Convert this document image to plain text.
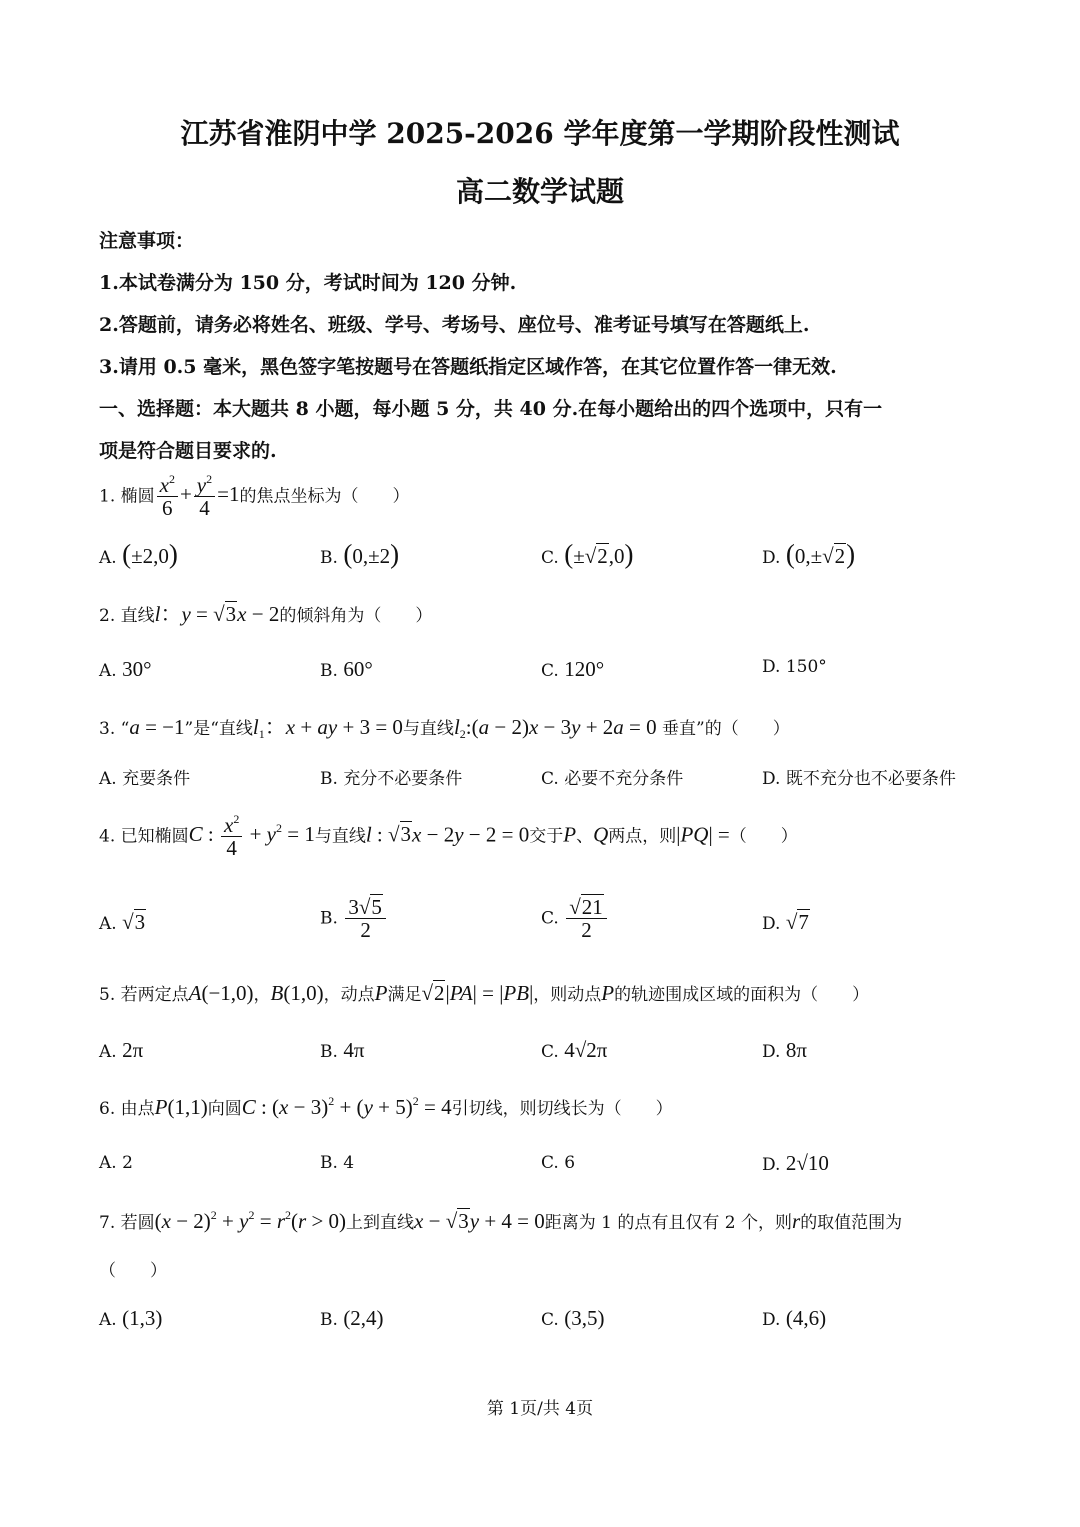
江苏省淮阴中学 2025-2026 学年度第一学期阶段性测试
高二数学试题
注意事项：
1.本试卷满分为 150 分，考试时间为 120 分钟.
2.答题前，请务必将姓名、班级、学号、考场号、座位号、准考证号填写在答题纸上.
3.请用 0.5 毫米，黑色签字笔按题号在答题纸指定区域作答，在其它位置作答一律无效.
一、选择题：本大题共 8 小题，每小题 5 分，共 40 分.在每小题给出的四个选项中，只有一
项是符合题目要求的.
1. 椭圆 $\frac{x^2}{6} + \frac{y^2}{4} =1$的焦点坐标为（　　）
A. (±2,0)	B. (0,±2)	C. (±√2,0)	D. (0,±√2)
2. 直线l：y = √3x − 2的倾斜角为（　　）
A. 30°	B. 60°	C. 120°	D. 150°
3. “a = −1”是“直线$l_1$：x + ay + 3 = 0与直线$l_2:(a - 2)x - 3y + 2a = 0$ 垂直”的（　　）
A. 充要条件	B. 充分不必要条件	C. 必要不充分条件	D. 既不充分也不必要条件
4. 已知椭圆C : $\frac{x^2}{4} + y^2 = 1$与直线l : √3x − 2y − 2 = 0交于P、Q两点，则|PQ| =（　　）
A. √3	B. $\frac{3√5}{2}$	C. $\frac{√21}{2}$	D. √7
5. 若两定点A(−1,0)，B(1,0)，动点P满足√2|PA| = |PB|，则动点P的轨迹围成区域的面积为（　　）
A. 2π	B. 4π	C. 4√2π	D. 8π
6. 由点P(1,1)向圆C : $(x - 3)^2 + (y + 5)^2 = 4$引切线，则切线长为（　　）
A. 2	B. 4	C. 6	D. 2√10
7. 若圆$(x - 2)^2 + y^2 = r^2(r > 0)$上到直线x − √3y + 4 = 0距离为 1 的点有且仅有 2 个，则r的取值范围为
（　　）
A. (1,3)	B. (2,4)	C. (3,5)	D. (4,6)
第 1页/共 4页
